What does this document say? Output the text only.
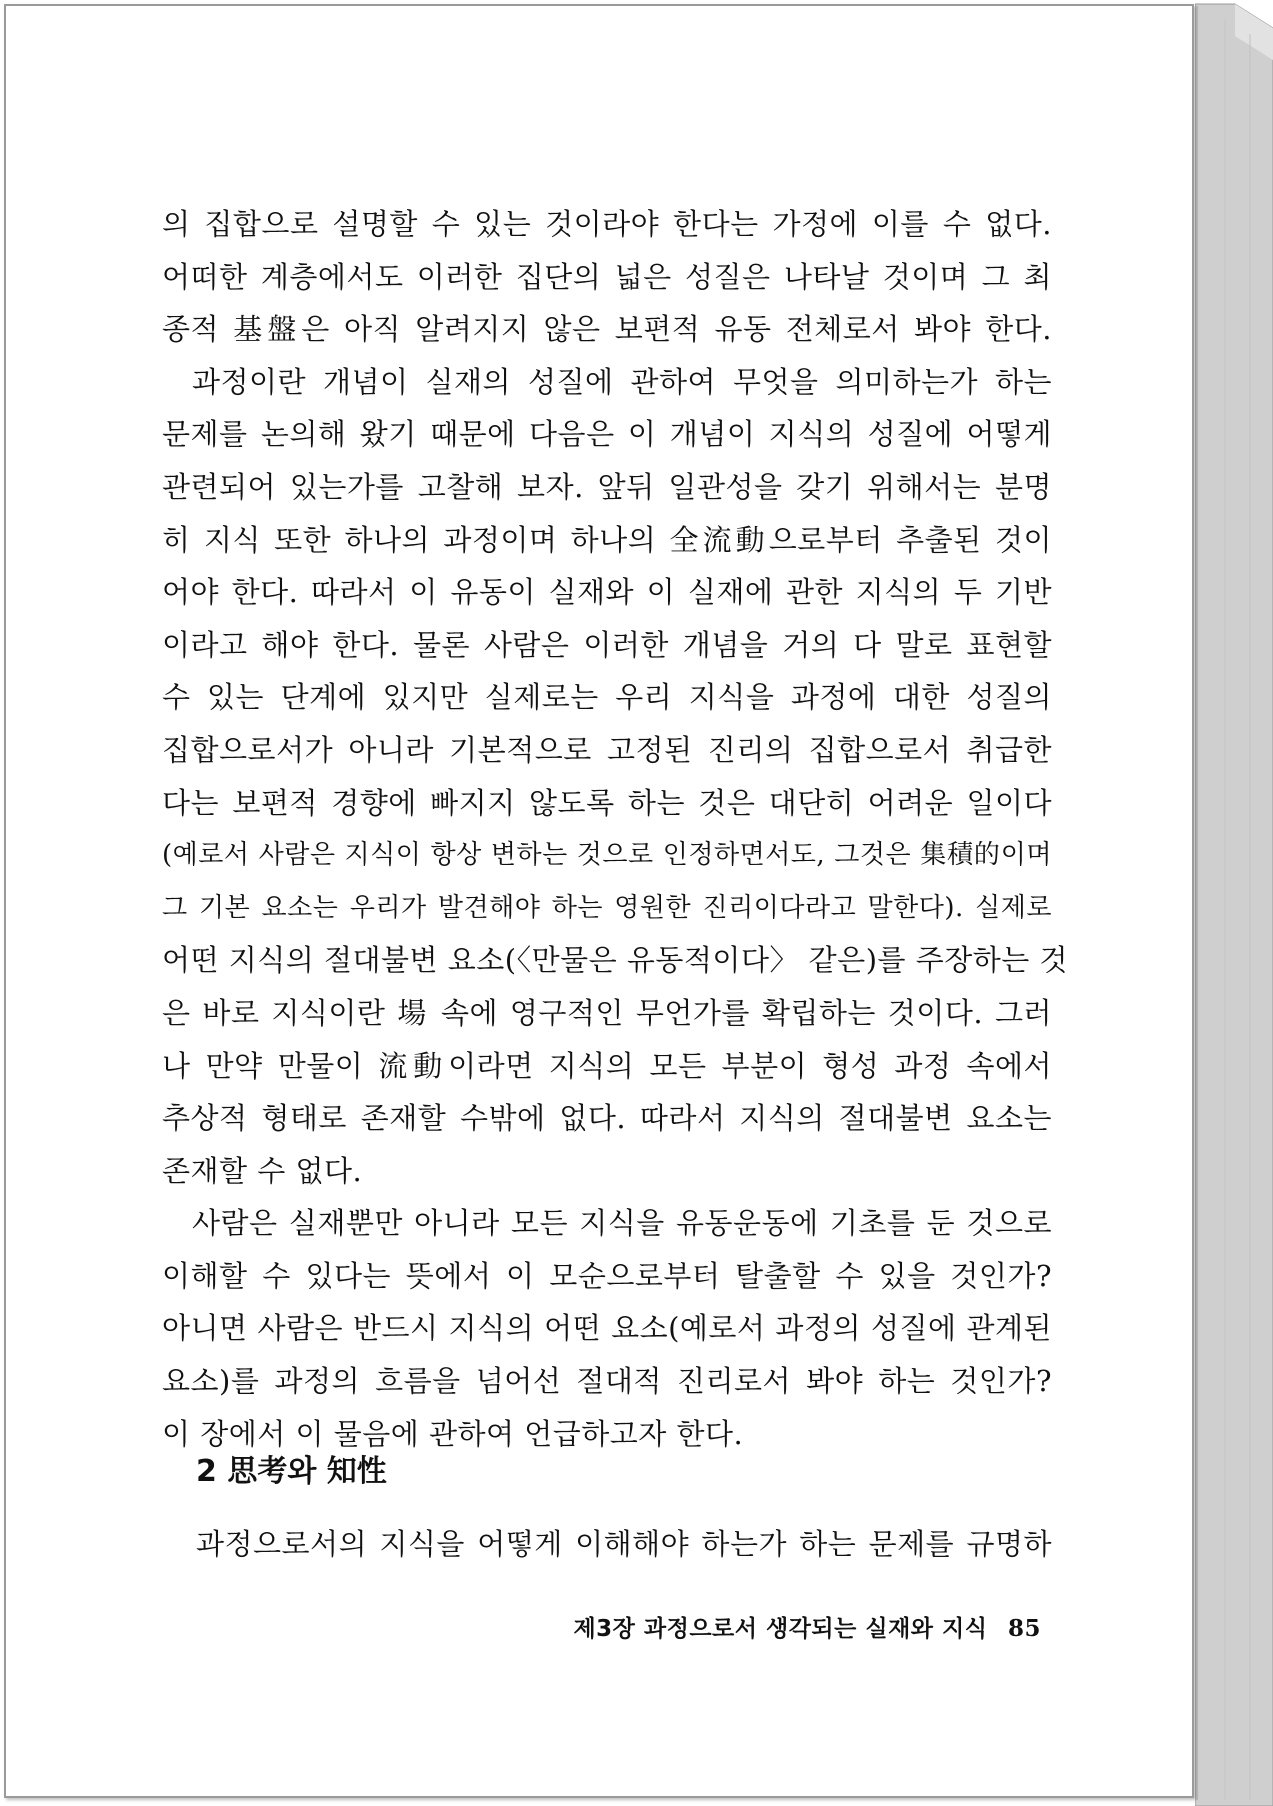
의 집합으로 설명할 수 있는 것이라야 한다는 가정에 이를 수 없다.
어떠한 계층에서도 이러한 집단의 넓은 성질은 나타날 것이며 그 최
종적 基盤은 아직 알려지지 않은 보편적 유동 전체로서 봐야 한다.
과정이란 개념이 실재의 성질에 관하여 무엇을 의미하는가 하는
문제를 논의해 왔기 때문에 다음은 이 개념이 지식의 성질에 어떻게
관련되어 있는가를 고찰해 보자. 앞뒤 일관성을 갖기 위해서는 분명
히 지식 또한 하나의 과정이며 하나의 全流動으로부터 추출된 것이
어야 한다. 따라서 이 유동이 실재와 이 실재에 관한 지식의 두 기반
이라고 해야 한다. 물론 사람은 이러한 개념을 거의 다 말로 표현할
수 있는 단계에 있지만 실제로는 우리 지식을 과정에 대한 성질의
집합으로서가 아니라 기본적으로 고정된 진리의 집합으로서 취급한
다는 보편적 경향에 빠지지 않도록 하는 것은 대단히 어려운 일이다
(예로서 사람은 지식이 항상 변하는 것으로 인정하면서도, 그것은 集積的이며
그 기본 요소는 우리가 발견해야 하는 영원한 진리이다라고 말한다). 실제로
어떤 지식의 절대불변 요소(〈만물은 유동적이다〉 같은)를 주장하는 것
은 바로 지식이란 場 속에 영구적인 무언가를 확립하는 것이다. 그러
나 만약 만물이 流動이라면 지식의 모든 부분이 형성 과정 속에서
추상적 형태로 존재할 수밖에 없다. 따라서 지식의 절대불변 요소는
존재할 수 없다.
사람은 실재뿐만 아니라 모든 지식을 유동운동에 기초를 둔 것으로
이해할 수 있다는 뜻에서 이 모순으로부터 탈출할 수 있을 것인가?
아니면 사람은 반드시 지식의 어떤 요소(예로서 과정의 성질에 관계된
요소)를 과정의 흐름을 넘어선 절대적 진리로서 봐야 하는 것인가?
이 장에서 이 물음에 관하여 언급하고자 한다.
2 思考와 知性
과정으로서의 지식을 어떻게 이해해야 하는가 하는 문제를 규명하
제3장 과정으로서 생각되는 실재와 지식 85
